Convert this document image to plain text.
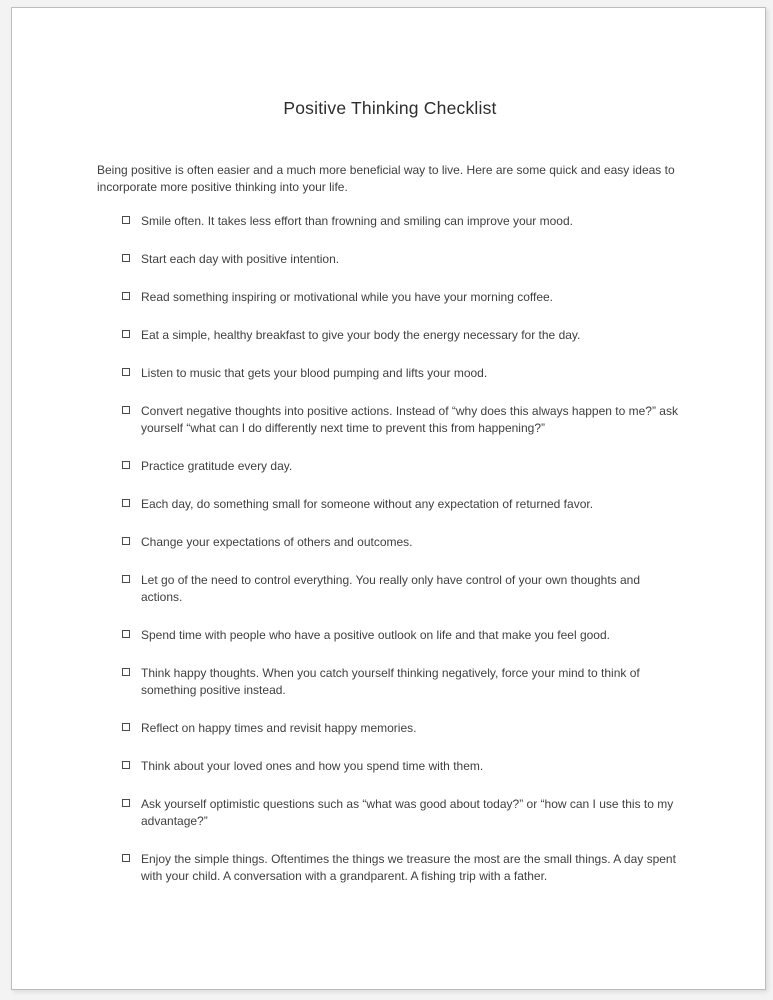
Positive Thinking Checklist

Being positive is often easier and a much more beneficial way to live. Here are some quick and easy ideas to incorporate more positive thinking into your life.

Smile often. It takes less effort than frowning and smiling can improve your mood.
Start each day with positive intention.
Read something inspiring or motivational while you have your morning coffee.
Eat a simple, healthy breakfast to give your body the energy necessary for the day.
Listen to music that gets your blood pumping and lifts your mood.
Convert negative thoughts into positive actions. Instead of “why does this always happen to me?” ask yourself “what can I do differently next time to prevent this from happening?”
Practice gratitude every day.
Each day, do something small for someone without any expectation of returned favor.
Change your expectations of others and outcomes.
Let go of the need to control everything. You really only have control of your own thoughts and actions.
Spend time with people who have a positive outlook on life and that make you feel good.
Think happy thoughts. When you catch yourself thinking negatively, force your mind to think of something positive instead.
Reflect on happy times and revisit happy memories.
Think about your loved ones and how you spend time with them.
Ask yourself optimistic questions such as “what was good about today?” or “how can I use this to my advantage?”
Enjoy the simple things. Oftentimes the things we treasure the most are the small things. A day spent with your child. A conversation with a grandparent. A fishing trip with a father.
